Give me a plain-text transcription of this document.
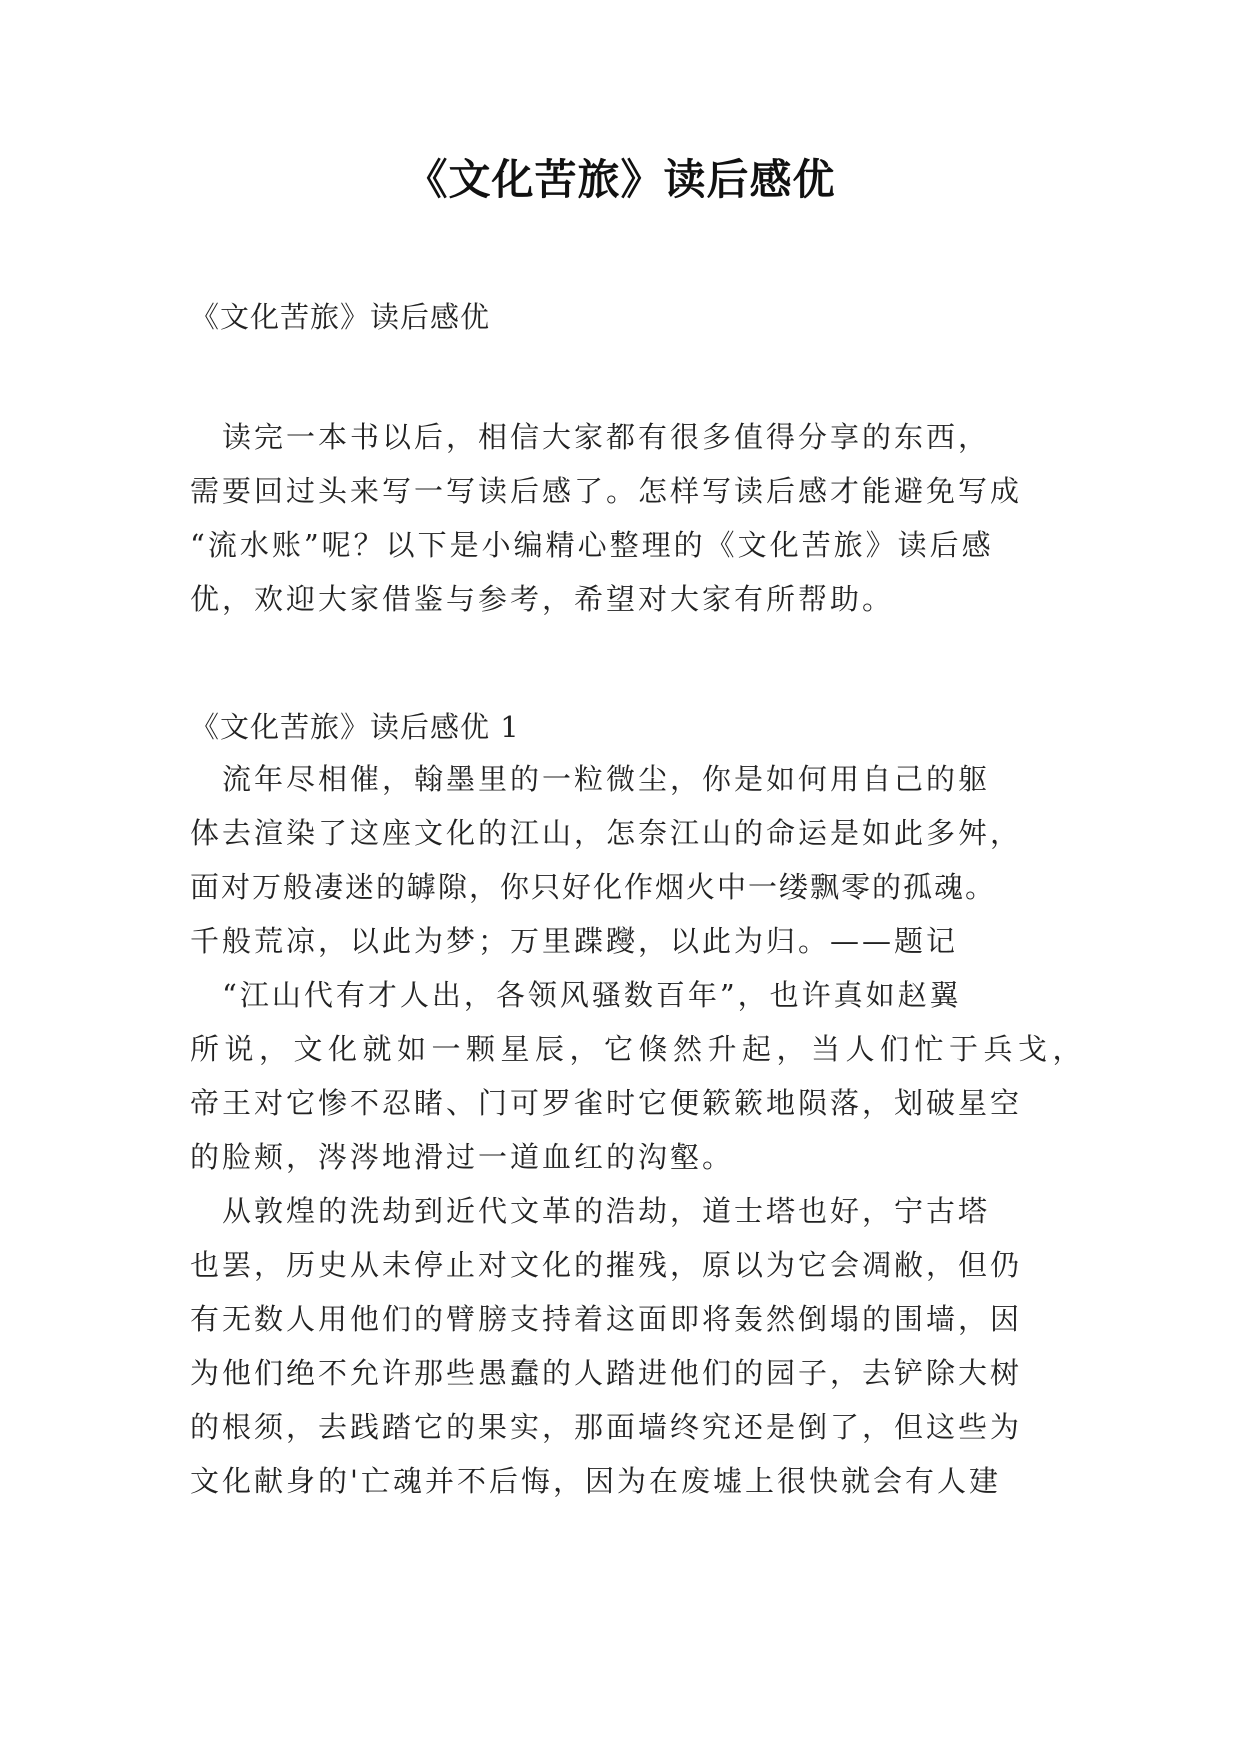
《文化苦旅》读后感优
《文化苦旅》读后感优
　读完一本书以后，相信大家都有很多值得分享的东西，
需要回过头来写一写读后感了。怎样写读后感才能避免写成
“流水账”呢？以下是小编精心整理的《文化苦旅》读后感
优，欢迎大家借鉴与参考，希望对大家有所帮助。
《文化苦旅》读后感优 1
　流年尽相催，翰墨里的一粒微尘，你是如何用自己的躯
体去渲染了这座文化的江山，怎奈江山的命运是如此多舛，
面对万般凄迷的罅隙，你只好化作烟火中一缕飘零的孤魂。
千般荒凉，以此为梦；万里蹀躞，以此为归。——题记
　“江山代有才人出，各领风骚数百年”，也许真如赵翼
所说，文化就如一颗星辰，它倏然升起，当人们忙于兵戈，
帝王对它惨不忍睹、门可罗雀时它便簌簌地陨落，划破星空
的脸颊，涔涔地滑过一道血红的沟壑。
　从敦煌的洗劫到近代文革的浩劫，道士塔也好，宁古塔
也罢，历史从未停止对文化的摧残，原以为它会凋敝，但仍
有无数人用他们的臂膀支持着这面即将轰然倒塌的围墙，因
为他们绝不允许那些愚蠢的人踏进他们的园子，去铲除大树
的根须，去践踏它的果实，那面墙终究还是倒了，但这些为
文化献身的'亡魂并不后悔，因为在废墟上很快就会有人建
